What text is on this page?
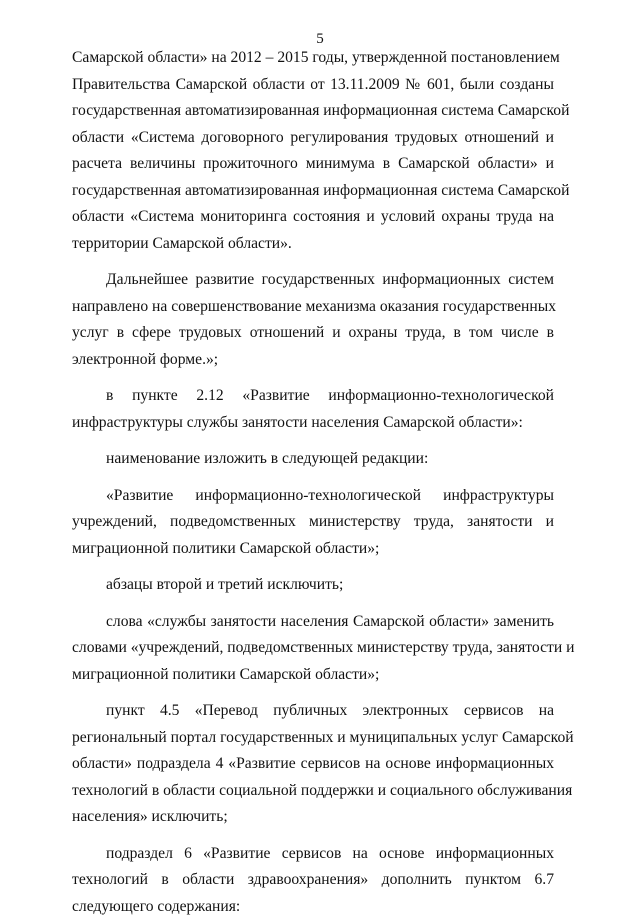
5

Самарской области» на 2012 – 2015 годы, утвержденной постановлением
Правительства Самарской области от 13.11.2009 № 601, были созданы
государственная автоматизированная информационная система Самарской
области «Система договорного регулирования трудовых отношений и
расчета величины прожиточного минимума в Самарской области» и
государственная автоматизированная информационная система Самарской
области «Система мониторинга состояния и условий охраны труда на
территории Самарской области».

Дальнейшее развитие государственных информационных систем
направлено на совершенствование механизма оказания государственных
услуг в сфере трудовых отношений и охраны труда, в том числе в
электронной форме.»;

в пункте 2.12 «Развитие информационно-технологической
инфраструктуры службы занятости населения Самарской области»:

наименование изложить в следующей редакции:

«Развитие информационно-технологической инфраструктуры
учреждений, подведомственных министерству труда, занятости и
миграционной политики Самарской области»;

абзацы второй и третий исключить;

слова «службы занятости населения Самарской области» заменить
словами «учреждений, подведомственных министерству труда, занятости и
миграционной политики Самарской области»;

пункт 4.5 «Перевод публичных электронных сервисов на
региональный портал государственных и муниципальных услуг Самарской
области» подраздела 4 «Развитие сервисов на основе информационных
технологий в области социальной поддержки и социального обслуживания
населения» исключить;

подраздел 6 «Развитие сервисов на основе информационных
технологий в области здравоохранения» дополнить пунктом 6.7
следующего содержания:
